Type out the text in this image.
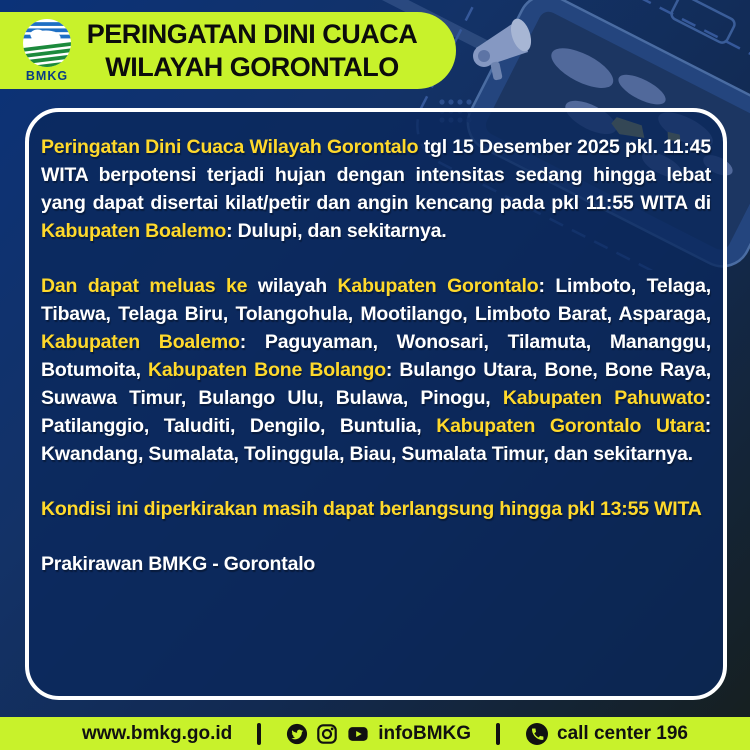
BMKG
PERINGATAN DINI CUACA
WILAYAH GORONTALO

Peringatan Dini Cuaca Wilayah Gorontalo tgl 15 Desember 2025 pkl. 11:45 WITA berpotensi terjadi hujan dengan intensitas sedang hingga lebat yang dapat disertai kilat/petir dan angin kencang pada pkl 11:55 WITA di Kabupaten Boalemo: Dulupi, dan sekitarnya.

Dan dapat meluas ke wilayah Kabupaten Gorontalo: Limboto, Telaga, Tibawa, Telaga Biru, Tolangohula, Mootilango, Limboto Barat, Asparaga, Kabupaten Boalemo: Paguyaman, Wonosari, Tilamuta, Mananggu, Botumoita, Kabupaten Bone Bolango: Bulango Utara, Bone, Bone Raya, Suwawa Timur, Bulango Ulu, Bulawa, Pinogu, Kabupaten Pahuwato: Patilanggio, Taluditi, Dengilo, Buntulia, Kabupaten Gorontalo Utara: Kwandang, Sumalata, Tolinggula, Biau, Sumalata Timur, dan sekitarnya.

Kondisi ini diperkirakan masih dapat berlangsung hingga pkl 13:55 WITA

Prakirawan BMKG - Gorontalo

www.bmkg.go.id	infoBMKG	call center 196
